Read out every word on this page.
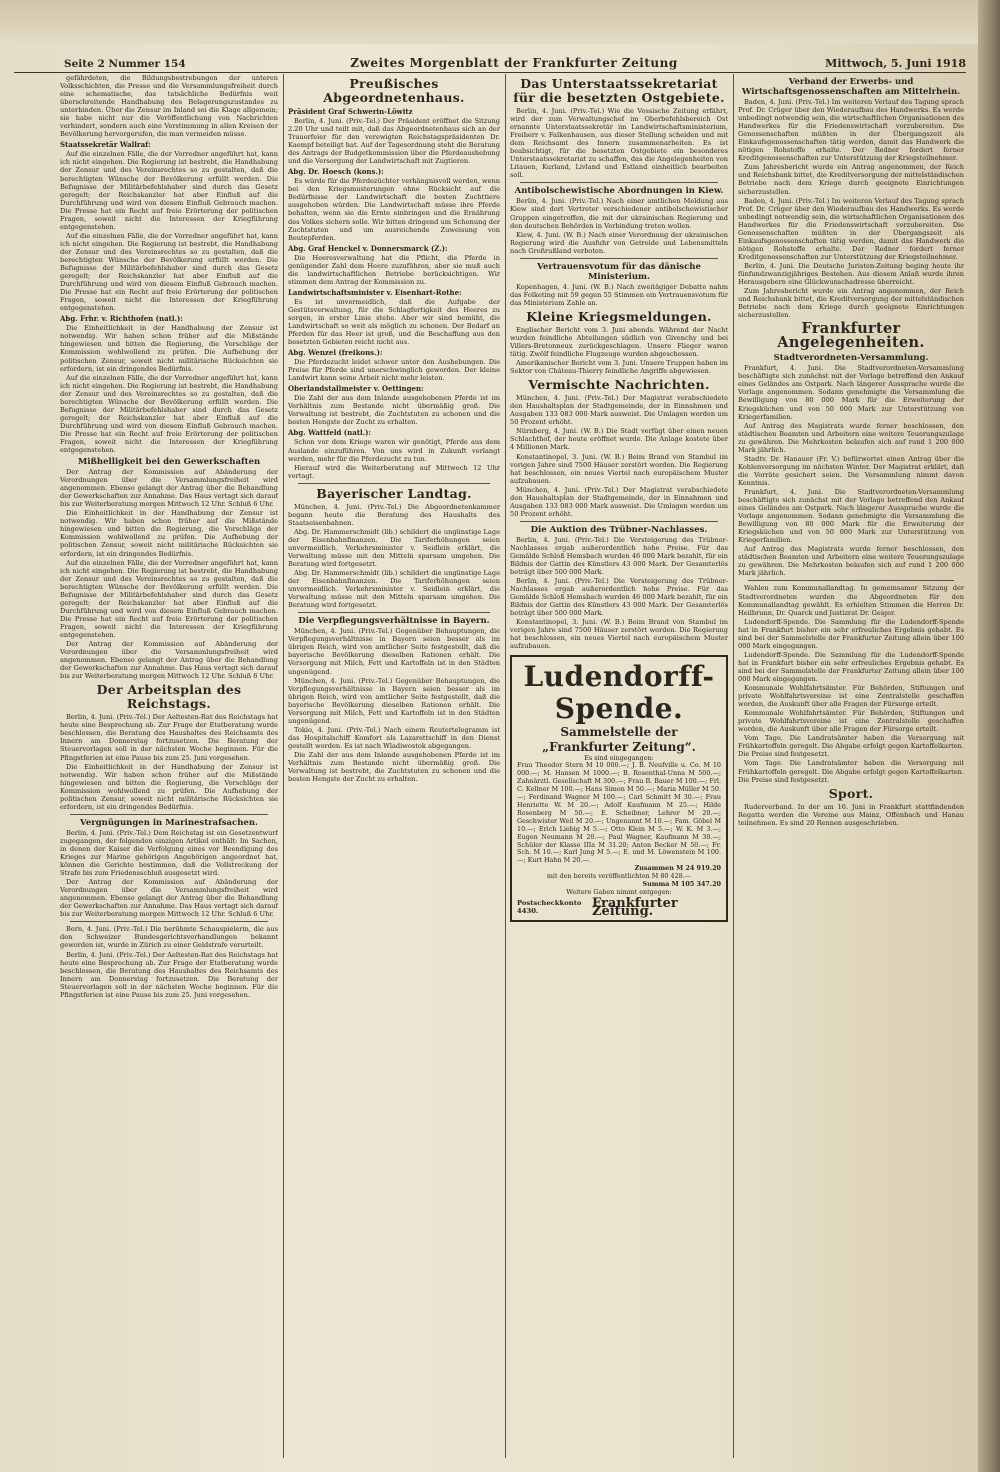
Seite 2 Nummer 154	Zweites Morgenblatt der Frankfurter Zeitung	Mittwoch, 5. Juni 1918

gefährdeten, die Bildungsbestrebungen der unteren Volksschichten, die Presse und die Versammlungsfreiheit durch eine schematische, das tatsächliche Bedürfnis weit überschreitende Handhabung des Belagerungszustandes zu unterbinden. Über die Zensur im Inland sei die Klage allgemein; sie habe nicht nur die Veröffentlichung von Nachrichten verhindert, sondern auch eine Verstimmung in allen Kreisen der Bevölkerung hervorgerufen, die man vermeiden müsse.

Staatssekretär Wallraf:

Auf die einzelnen Fälle, die der Vorredner angeführt hat, kann ich nicht eingehen. Die Regierung ist bestrebt, die Handhabung der Zensur und des Vereinsrechtes so zu gestalten, daß die berechtigten Wünsche der Bevölkerung erfüllt werden. Die Befugnisse der Militärbefehlshaber sind durch das Gesetz geregelt; der Reichskanzler hat aber Einfluß auf die Durchführung und wird von diesem Einfluß Gebrauch machen. Die Presse hat ein Recht auf freie Erörterung der politischen Fragen, soweit nicht die Interessen der Kriegführung entgegenstehen.

Auf die einzelnen Fälle, die der Vorredner angeführt hat, kann ich nicht eingehen. Die Regierung ist bestrebt, die Handhabung der Zensur und des Vereinsrechtes so zu gestalten, daß die berechtigten Wünsche der Bevölkerung erfüllt werden. Die Befugnisse der Militärbefehlshaber sind durch das Gesetz geregelt; der Reichskanzler hat aber Einfluß auf die Durchführung und wird von diesem Einfluß Gebrauch machen. Die Presse hat ein Recht auf freie Erörterung der politischen Fragen, soweit nicht die Interessen der Kriegführung entgegenstehen.

Abg. Frhr. v. Richthofen (natl.):

Die Einheitlichkeit in der Handhabung der Zensur ist notwendig. Wir haben schon früher auf die Mißstände hingewiesen und bitten die Regierung, die Vorschläge der Kommission wohlwollend zu prüfen. Die Aufhebung der politischen Zensur, soweit nicht militärische Rücksichten sie erfordern, ist ein dringendes Bedürfnis.

Auf die einzelnen Fälle, die der Vorredner angeführt hat, kann ich nicht eingehen. Die Regierung ist bestrebt, die Handhabung der Zensur und des Vereinsrechtes so zu gestalten, daß die berechtigten Wünsche der Bevölkerung erfüllt werden. Die Befugnisse der Militärbefehlshaber sind durch das Gesetz geregelt; der Reichskanzler hat aber Einfluß auf die Durchführung und wird von diesem Einfluß Gebrauch machen. Die Presse hat ein Recht auf freie Erörterung der politischen Fragen, soweit nicht die Interessen der Kriegführung entgegenstehen.

Mißhelligkeit bei den Gewerkschaften

Der Antrag der Kommission auf Abänderung der Verordnungen über die Versammlungsfreiheit wird angenommen. Ebenso gelangt der Antrag über die Behandlung der Gewerkschaften zur Annahme. Das Haus vertagt sich darauf bis zur Weiterberatung morgen Mittwoch 12 Uhr. Schluß 6 Uhr.

Die Einheitlichkeit in der Handhabung der Zensur ist notwendig. Wir haben schon früher auf die Mißstände hingewiesen und bitten die Regierung, die Vorschläge der Kommission wohlwollend zu prüfen. Die Aufhebung der politischen Zensur, soweit nicht militärische Rücksichten sie erfordern, ist ein dringendes Bedürfnis.

Auf die einzelnen Fälle, die der Vorredner angeführt hat, kann ich nicht eingehen. Die Regierung ist bestrebt, die Handhabung der Zensur und des Vereinsrechtes so zu gestalten, daß die berechtigten Wünsche der Bevölkerung erfüllt werden. Die Befugnisse der Militärbefehlshaber sind durch das Gesetz geregelt; der Reichskanzler hat aber Einfluß auf die Durchführung und wird von diesem Einfluß Gebrauch machen. Die Presse hat ein Recht auf freie Erörterung der politischen Fragen, soweit nicht die Interessen der Kriegführung entgegenstehen.

Der Antrag der Kommission auf Abänderung der Verordnungen über die Versammlungsfreiheit wird angenommen. Ebenso gelangt der Antrag über die Behandlung der Gewerkschaften zur Annahme. Das Haus vertagt sich darauf bis zur Weiterberatung morgen Mittwoch 12 Uhr. Schluß 6 Uhr.

Der Arbeitsplan des Reichstags.

Berlin, 4. Juni. (Priv.-Tel.) Der Aeltesten-Rat des Reichstags hat heute eine Besprechung ab. Zur Frage der Etatberatung wurde beschlossen, die Beratung des Haushaltes des Reichsamts des Innern am Donnerstag fortzusetzen. Die Beratung der Steuervorlagen soll in der nächsten Woche beginnen. Für die Pfingstferien ist eine Pause bis zum 25. Juni vorgesehen.

Die Einheitlichkeit in der Handhabung der Zensur ist notwendig. Wir haben schon früher auf die Mißstände hingewiesen und bitten die Regierung, die Vorschläge der Kommission wohlwollend zu prüfen. Die Aufhebung der politischen Zensur, soweit nicht militärische Rücksichten sie erfordern, ist ein dringendes Bedürfnis.

Vergnügungen in Marinestrafsachen.

Berlin, 4. Juni. (Priv.-Tel.) Dem Reichstag ist ein Gesetzentwurf zugegangen, der folgenden einzigen Artikel enthält: Im Sachen, in denen der Kaiser die Verfolgung eines vor Beendigung des Krieges zur Marine gehörigen Angehörigen angeordnet hat, können die Gerichte bestimmen, daß die Vollstreckung der Strafe bis zum Friedensschluß ausgesetzt wird.

Der Antrag der Kommission auf Abänderung der Verordnungen über die Versammlungsfreiheit wird angenommen. Ebenso gelangt der Antrag über die Behandlung der Gewerkschaften zur Annahme. Das Haus vertagt sich darauf bis zur Weiterberatung morgen Mittwoch 12 Uhr. Schluß 6 Uhr.

Bern, 4. Juni. (Priv.-Tel.) Die berühmte Schauspielerin, die aus den Schweizer Bundesgerichtsverhandlungen bekannt geworden ist, wurde in Zürich zu einer Geldstrafe verurteilt.

Berlin, 4. Juni. (Priv.-Tel.) Der Aeltesten-Rat des Reichstags hat heute eine Besprechung ab. Zur Frage der Etatberatung wurde beschlossen, die Beratung des Haushaltes des Reichsamts des Innern am Donnerstag fortzusetzen. Die Beratung der Steuervorlagen soll in der nächsten Woche beginnen. Für die Pfingstferien ist eine Pause bis zum 25. Juni vorgesehen.

Preußisches Abgeordnetenhaus.
Präsident Graf Schwerin-Löwitz

Berlin, 4. Juni. (Priv.-Tel.) Der Präsident eröffnet die Sitzung 2.20 Uhr und teilt mit, daß das Abgeordnetenhaus sich an der Trauerfeier für den verewigten Reichstagspräsidenten Dr. Kaempf beteiligt hat. Auf der Tagesordnung steht die Beratung des Antrags der Budgetkommission über die Pferdeaushebung und die Versorgung der Landwirtschaft mit Zugtieren.

Abg. Dr. Hoesch (kons.):

Es würde für die Pferdezüchter verhängnisvoll werden, wenn bei den Kriegsmusterungen ohne Rücksicht auf die Bedürfnisse der Landwirtschaft die besten Zuchttiere ausgehoben würden. Die Landwirtschaft müsse ihre Pferde behalten, wenn sie die Ernte einbringen und die Ernährung des Volkes sichern solle. Wir bitten dringend um Schonung der Zuchtstuten und um ausreichende Zuweisung von Beutepferden.

Abg. Graf Henckel v. Donnersmarck (Z.):

Die Heeresverwaltung hat die Pflicht, die Pferde in genügender Zahl dem Heere zuzuführen, aber sie muß auch die landwirtschaftlichen Betriebe berücksichtigen. Wir stimmen dem Antrag der Kommission zu.

Landwirtschaftsminister v. Eisenhart-Rothe:

Es ist unvermeidlich, daß die Aufgabe der Gestütsverwaltung, für die Schlagfertigkeit des Heeres zu sorgen, in erster Linie stehe. Aber wir sind bemüht, die Landwirtschaft so weit als möglich zu schonen. Der Bedarf an Pferden für das Heer ist groß, und die Beschaffung aus den besetzten Gebieten reicht nicht aus.

Abg. Wenzel (freikons.):

Die Pferdezucht leidet schwer unter den Aushebungen. Die Preise für Pferde sind unerschwinglich geworden. Der kleine Landwirt kann seine Arbeit nicht mehr leisten.

Oberlandstallmeister v. Oettingen:

Die Zahl der aus dem Inlande ausgehobenen Pferde ist im Verhältnis zum Bestande nicht übermäßig groß. Die Verwaltung ist bestrebt, die Zuchtstuten zu schonen und die besten Hengste der Zucht zu erhalten.

Abg. Wattfeld (natl.):

Schon vor dem Kriege waren wir genötigt, Pferde aus dem Auslande einzuführen. Von uns wird in Zukunft verlangt werden, mehr für die Pferdezucht zu tun.

Hierauf wird die Weiterberatung auf Mittwoch 12 Uhr vertagt.

Bayerischer Landtag.

München, 4. Juni. (Priv.-Tel.) Die Abgeordnetenkammer begann heute die Beratung des Haushalts des Staatseisenbahnen.

Abg. Dr. Hammerschmidt (lib.) schildert die ungünstige Lage der Eisenbahnfinanzen. Die Tariferhöhungen seien unvermeidlich. Verkehrsminister v. Seidlein erklärt, die Verwaltung müsse mit den Mitteln sparsam umgehen. Die Beratung wird fortgesetzt.

Abg. Dr. Hammerschmidt (lib.) schildert die ungünstige Lage der Eisenbahnfinanzen. Die Tariferhöhungen seien unvermeidlich. Verkehrsminister v. Seidlein erklärt, die Verwaltung müsse mit den Mitteln sparsam umgehen. Die Beratung wird fortgesetzt.

Die Verpflegungsverhältnisse in Bayern.

München, 4. Juni. (Priv.-Tel.) Gegenüber Behauptungen, die Verpflegungsverhältnisse in Bayern seien besser als im übrigen Reich, wird von amtlicher Seite festgestellt, daß die bayerische Bevölkerung dieselben Rationen erhält. Die Versorgung mit Milch, Fett und Kartoffeln ist in den Städten ungenügend.

München, 4. Juni. (Priv.-Tel.) Gegenüber Behauptungen, die Verpflegungsverhältnisse in Bayern seien besser als im übrigen Reich, wird von amtlicher Seite festgestellt, daß die bayerische Bevölkerung dieselben Rationen erhält. Die Versorgung mit Milch, Fett und Kartoffeln ist in den Städten ungenügend.

Tokio, 4. Juni. (Priv.-Tel.) Nach einem Reutertelegramm ist das Hospitalschiff Komfort als Lazarettschiff in den Dienst gestellt worden. Es ist nach Wladiwostok abgegangen.

Die Zahl der aus dem Inlande ausgehobenen Pferde ist im Verhältnis zum Bestande nicht übermäßig groß. Die Verwaltung ist bestrebt, die Zuchtstuten zu schonen und die besten Hengste der Zucht zu erhalten.

Das Unterstaatssekretariat für die besetzten Ostgebiete.

Berlin, 4. Juni. (Priv.-Tel.) Wie die Vossische Zeitung erfährt, wird der zum Verwaltungschef im Oberbefehlsbereich Ost ernannte Unterstaatssekretär im Landwirtschaftsministerium, Freiherr v. Falkenhausen, aus dieser Stellung scheiden und mit dem Reichsamt des Innern zusammenarbeiten. Es ist beabsichtigt, für die besetzten Ostgebiete ein besonderes Unterstaatssekretariat zu schaffen, das die Angelegenheiten von Litauen, Kurland, Livland und Estland einheitlich bearbeiten soll.

Antibolschewistische Abordnungen in Kiew.

Berlin, 4. Juni. (Priv.-Tel.) Nach einer amtlichen Meldung aus Kiew sind dort Vertreter verschiedener antibolschewistischer Gruppen eingetroffen, die mit der ukrainischen Regierung und den deutschen Behörden in Verbindung treten wollen.

Kiew, 4. Juni. (W. B.) Nach einer Verordnung der ukrainischen Regierung wird die Ausfuhr von Getreide und Lebensmitteln nach Großrußland verboten.

Vertrauensvotum für das dänische Ministerium.

Kopenhagen, 4. Juni. (W. B.) Nach zweitägiger Debatte nahm das Folketing mit 59 gegen 55 Stimmen ein Vertrauensvotum für das Ministerium Zahle an.

Kleine Kriegsmeldungen.

Englischer Bericht vom 3. Juni abends. Während der Nacht wurden feindliche Abteilungen südlich von Givenchy und bei Villers-Bretonneux zurückgeschlagen. Unsere Flieger waren tätig. Zwölf feindliche Flugzeuge wurden abgeschossen.

Amerikanischer Bericht vom 3. Juni. Unsere Truppen haben im Sektor von Château-Thierry feindliche Angriffe abgewiesen.

Vermischte Nachrichten.

München, 4. Juni. (Priv.-Tel.) Der Magistrat verabschiedete den Haushaltsplan der Stadtgemeinde, der in Einnahmen und Ausgaben 133 083 000 Mark ausweist. Die Umlagen werden um 50 Prozent erhöht.

Nürnberg, 4. Juni. (W. B.) Die Stadt verfügt über einen neuen Schlachthof, der heute eröffnet wurde. Die Anlage kostete über 4 Millionen Mark.

Konstantinopel, 3. Juni. (W. B.) Beim Brand von Stambul im vorigen Jahre sind 7500 Häuser zerstört worden. Die Regierung hat beschlossen, ein neues Viertel nach europäischem Muster aufzubauen.

München, 4. Juni. (Priv.-Tel.) Der Magistrat verabschiedete den Haushaltsplan der Stadtgemeinde, der in Einnahmen und Ausgaben 133 083 000 Mark ausweist. Die Umlagen werden um 50 Prozent erhöht.

Die Auktion des Trübner-Nachlasses.

Berlin, 4. Juni. (Priv.-Tel.) Die Versteigerung des Trübner-Nachlasses ergab außerordentlich hohe Preise. Für das Gemälde Schloß Hemsbach wurden 46 000 Mark bezahlt, für ein Bildnis der Gattin des Künstlers 43 000 Mark. Der Gesamterlös beträgt über 500 000 Mark.

Berlin, 4. Juni. (Priv.-Tel.) Die Versteigerung des Trübner-Nachlasses ergab außerordentlich hohe Preise. Für das Gemälde Schloß Hemsbach wurden 46 000 Mark bezahlt, für ein Bildnis der Gattin des Künstlers 43 000 Mark. Der Gesamterlös beträgt über 500 000 Mark.

Konstantinopel, 3. Juni. (W. B.) Beim Brand von Stambul im vorigen Jahre sind 7500 Häuser zerstört worden. Die Regierung hat beschlossen, ein neues Viertel nach europäischem Muster aufzubauen.

Ludendorff-Spende.
Sammelstelle der „Frankfurter Zeitung“.
Es sind eingegangen:
Frau Theodor Stern M 10 000.—; J. B. Neufville u. Co. M 10 000.—; M. Hansen M 1000.—; B. Rosenthal-Unna M 500.—; Zahnärztl. Gesellschaft M 300.—; Frau B. Bauer M 100.—; Frl. C. Kellner M 100.—; Hans Simon M 50.—; Maria Müller M 50.—; Ferdinand Wagner M 100.—; Carl Schmitt M 30.—; Frau Henriette W. M 20.—; Adolf Kaufmann M 25.—; Hilde Rosenberg M 50.—; E. Scheibner, Lehrer M 20.—; Geschwister Weil M 20.—; Ungenannt M 10.—; Fam. Göbel M 10.—; Erich Liebig M 5.—; Otto Klein M 5.—; W. K. M 3.—; Eugen Neumann M 20.—; Paul Wagner, Kaufmann M 30.—; Schüler der Klasse IIIa M 31.20; Anton Becker M 50.—; Fr. Sch. M 10.—; Karl Jung M 5.—; E. und M. Löwenstein M 100.—; Kurt Hahn M 20.—.
Zusammen M 24 919.20
mit den bereits veröffentlichten M 80 428.—
Summa M 105 347.20
Weitere Gaben nimmt entgegen:
Postscheckkonto 4430.	Frankfurter Zeitung.
Verband der Erwerbs- und Wirtschaftsgenossenschaften am Mittelrhein.

Baden, 4. Juni. (Priv.-Tel.) Im weiteren Verlauf des Tagung sprach Prof. Dr. Crüger über den Wiederaufbau des Handwerks. Es werde unbedingt notwendig sein, die wirtschaftlichen Organisationen des Handwerkes für die Friedenswirtschaft vorzubereiten. Die Genossenschaften müßten in der Übergangszeit als Einkaufsgenossenschaften tätig werden, damit das Handwerk die nötigen Rohstoffe erhalte. Der Redner fordert ferner Kreditgenossenschaften zur Unterstützung der Kriegsteilnehmer.

Zum Jahresbericht wurde ein Antrag angenommen, der Reich und Reichsbank bittet, die Kreditversorgung der mittelständischen Betriebe nach dem Kriege durch geeignete Einrichtungen sicherzustellen.

Baden, 4. Juni. (Priv.-Tel.) Im weiteren Verlauf des Tagung sprach Prof. Dr. Crüger über den Wiederaufbau des Handwerks. Es werde unbedingt notwendig sein, die wirtschaftlichen Organisationen des Handwerkes für die Friedenswirtschaft vorzubereiten. Die Genossenschaften müßten in der Übergangszeit als Einkaufsgenossenschaften tätig werden, damit das Handwerk die nötigen Rohstoffe erhalte. Der Redner fordert ferner Kreditgenossenschaften zur Unterstützung der Kriegsteilnehmer.

Berlin, 4. Juni. Die Deutsche Juristen-Zeitung beging heute ihr fünfundzwanzigjähriges Bestehen. Aus diesem Anlaß wurde ihren Herausgebern eine Glückwunschadresse überreicht.

Zum Jahresbericht wurde ein Antrag angenommen, der Reich und Reichsbank bittet, die Kreditversorgung der mittelständischen Betriebe nach dem Kriege durch geeignete Einrichtungen sicherzustellen.

Frankfurter Angelegenheiten.
Stadtverordneten-Versammlung.

Frankfurt, 4. Juni. Die Stadtverordneten-Versammlung beschäftigte sich zunächst mit der Vorlage betreffend den Ankauf eines Geländes am Ostpark. Nach längerer Aussprache wurde die Vorlage angenommen. Sodann genehmigte die Versammlung die Bewilligung von 80 000 Mark für die Erweiterung der Kriegsküchen und von 50 000 Mark zur Unterstützung von Kriegerfamilien.

Auf Antrag des Magistrats wurde ferner beschlossen, den städtischen Beamten und Arbeitern eine weitere Teuerungszulage zu gewähren. Die Mehrkosten belaufen sich auf rund 1 200 000 Mark jährlich.

Stadtv. Dr. Hanauer (Fr. V.) befürwortet einen Antrag über die Kohlenversorgung im nächsten Winter. Der Magistrat erklärt, daß die Vorräte gesichert seien. Die Versammlung nimmt davon Kenntnis.

Frankfurt, 4. Juni. Die Stadtverordneten-Versammlung beschäftigte sich zunächst mit der Vorlage betreffend den Ankauf eines Geländes am Ostpark. Nach längerer Aussprache wurde die Vorlage angenommen. Sodann genehmigte die Versammlung die Bewilligung von 80 000 Mark für die Erweiterung der Kriegsküchen und von 50 000 Mark zur Unterstützung von Kriegerfamilien.

Auf Antrag des Magistrats wurde ferner beschlossen, den städtischen Beamten und Arbeitern eine weitere Teuerungszulage zu gewähren. Die Mehrkosten belaufen sich auf rund 1 200 000 Mark jährlich.

Wahlen zum Kommunallandtag. In gemeinsamer Sitzung der Stadtverordneten wurden die Abgeordneten für den Kommunallandtag gewählt. Es erhielten Stimmen die Herren Dr. Heilbrunn, Dr. Quarck und Justizrat Dr. Geiger.

Ludendorff-Spende. Die Sammlung für die Ludendorff-Spende hat in Frankfurt bisher ein sehr erfreuliches Ergebnis gehabt. Es sind bei der Sammelstelle der Frankfurter Zeitung allein über 100 000 Mark eingegangen.

Ludendorff-Spende. Die Sammlung für die Ludendorff-Spende hat in Frankfurt bisher ein sehr erfreuliches Ergebnis gehabt. Es sind bei der Sammelstelle der Frankfurter Zeitung allein über 100 000 Mark eingegangen.

Kommunale Wohlfahrtsämter. Für Behörden, Stiftungen und private Wohlfahrtsvereine ist eine Zentralstelle geschaffen worden, die Auskunft über alle Fragen der Fürsorge erteilt.

Kommunale Wohlfahrtsämter. Für Behörden, Stiftungen und private Wohlfahrtsvereine ist eine Zentralstelle geschaffen worden, die Auskunft über alle Fragen der Fürsorge erteilt.

Vom Tage. Die Landratsämter haben die Versorgung mit Frühkartoffeln geregelt. Die Abgabe erfolgt gegen Kartoffelkarten. Die Preise sind festgesetzt.

Vom Tage. Die Landratsämter haben die Versorgung mit Frühkartoffeln geregelt. Die Abgabe erfolgt gegen Kartoffelkarten. Die Preise sind festgesetzt.

Sport.

Ruderverband. In der am 16. Juni in Frankfurt stattfindenden Regatta werden die Vereine aus Mainz, Offenbach und Hanau teilnehmen. Es sind 20 Rennen ausgeschrieben.
